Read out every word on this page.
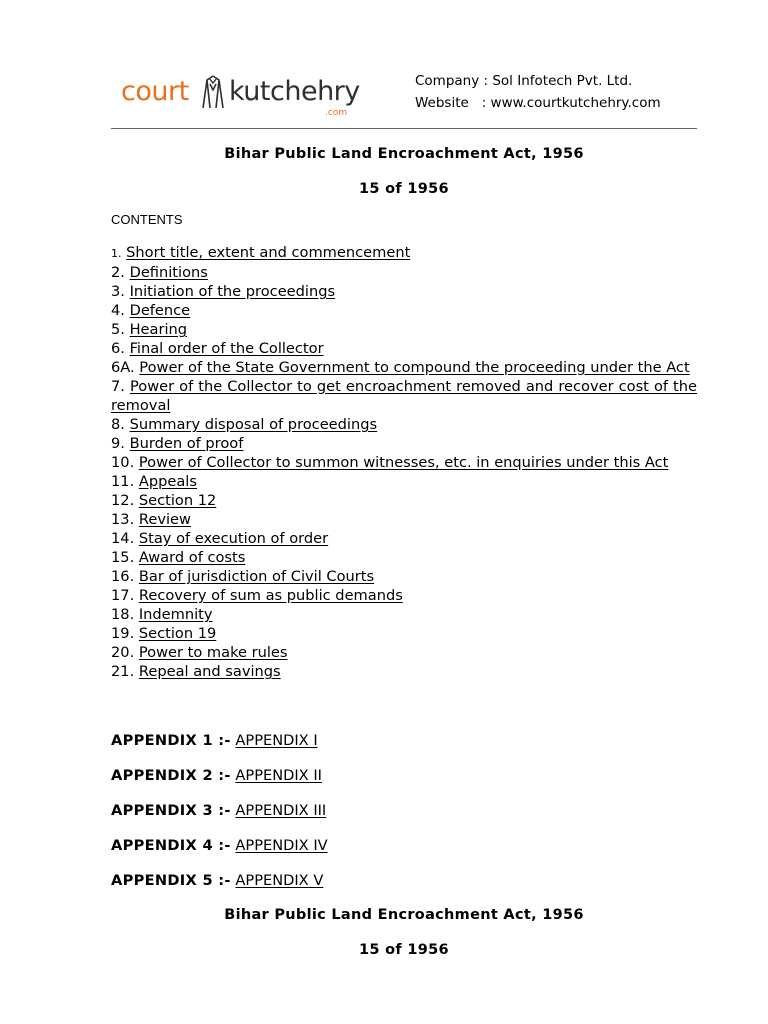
court kutchehry
.com
Company : Sol Infotech Pvt. Ltd.
Website   : www.courtkutchehry.com
Bihar Public Land Encroachment Act, 1956
15 of 1956
CONTENTS
1. Short title, extent and commencement
2. Definitions
3. Initiation of the proceedings
4. Defence
5. Hearing
6. Final order of the Collector
6A. Power of the State Government to compound the proceeding under the Act
7. Power of the Collector to get encroachment removed and recover cost of the removal
8. Summary disposal of proceedings
9. Burden of proof
10. Power of Collector to summon witnesses, etc. in enquiries under this Act
11. Appeals
12. Section 12
13. Review
14. Stay of execution of order
15. Award of costs
16. Bar of jurisdiction of Civil Courts
17. Recovery of sum as public demands
18. Indemnity
19. Section 19
20. Power to make rules
21. Repeal and savings
APPENDIX 1 :- APPENDIX I
APPENDIX 2 :- APPENDIX II
APPENDIX 3 :- APPENDIX III
APPENDIX 4 :- APPENDIX IV
APPENDIX 5 :- APPENDIX V
Bihar Public Land Encroachment Act, 1956
15 of 1956
